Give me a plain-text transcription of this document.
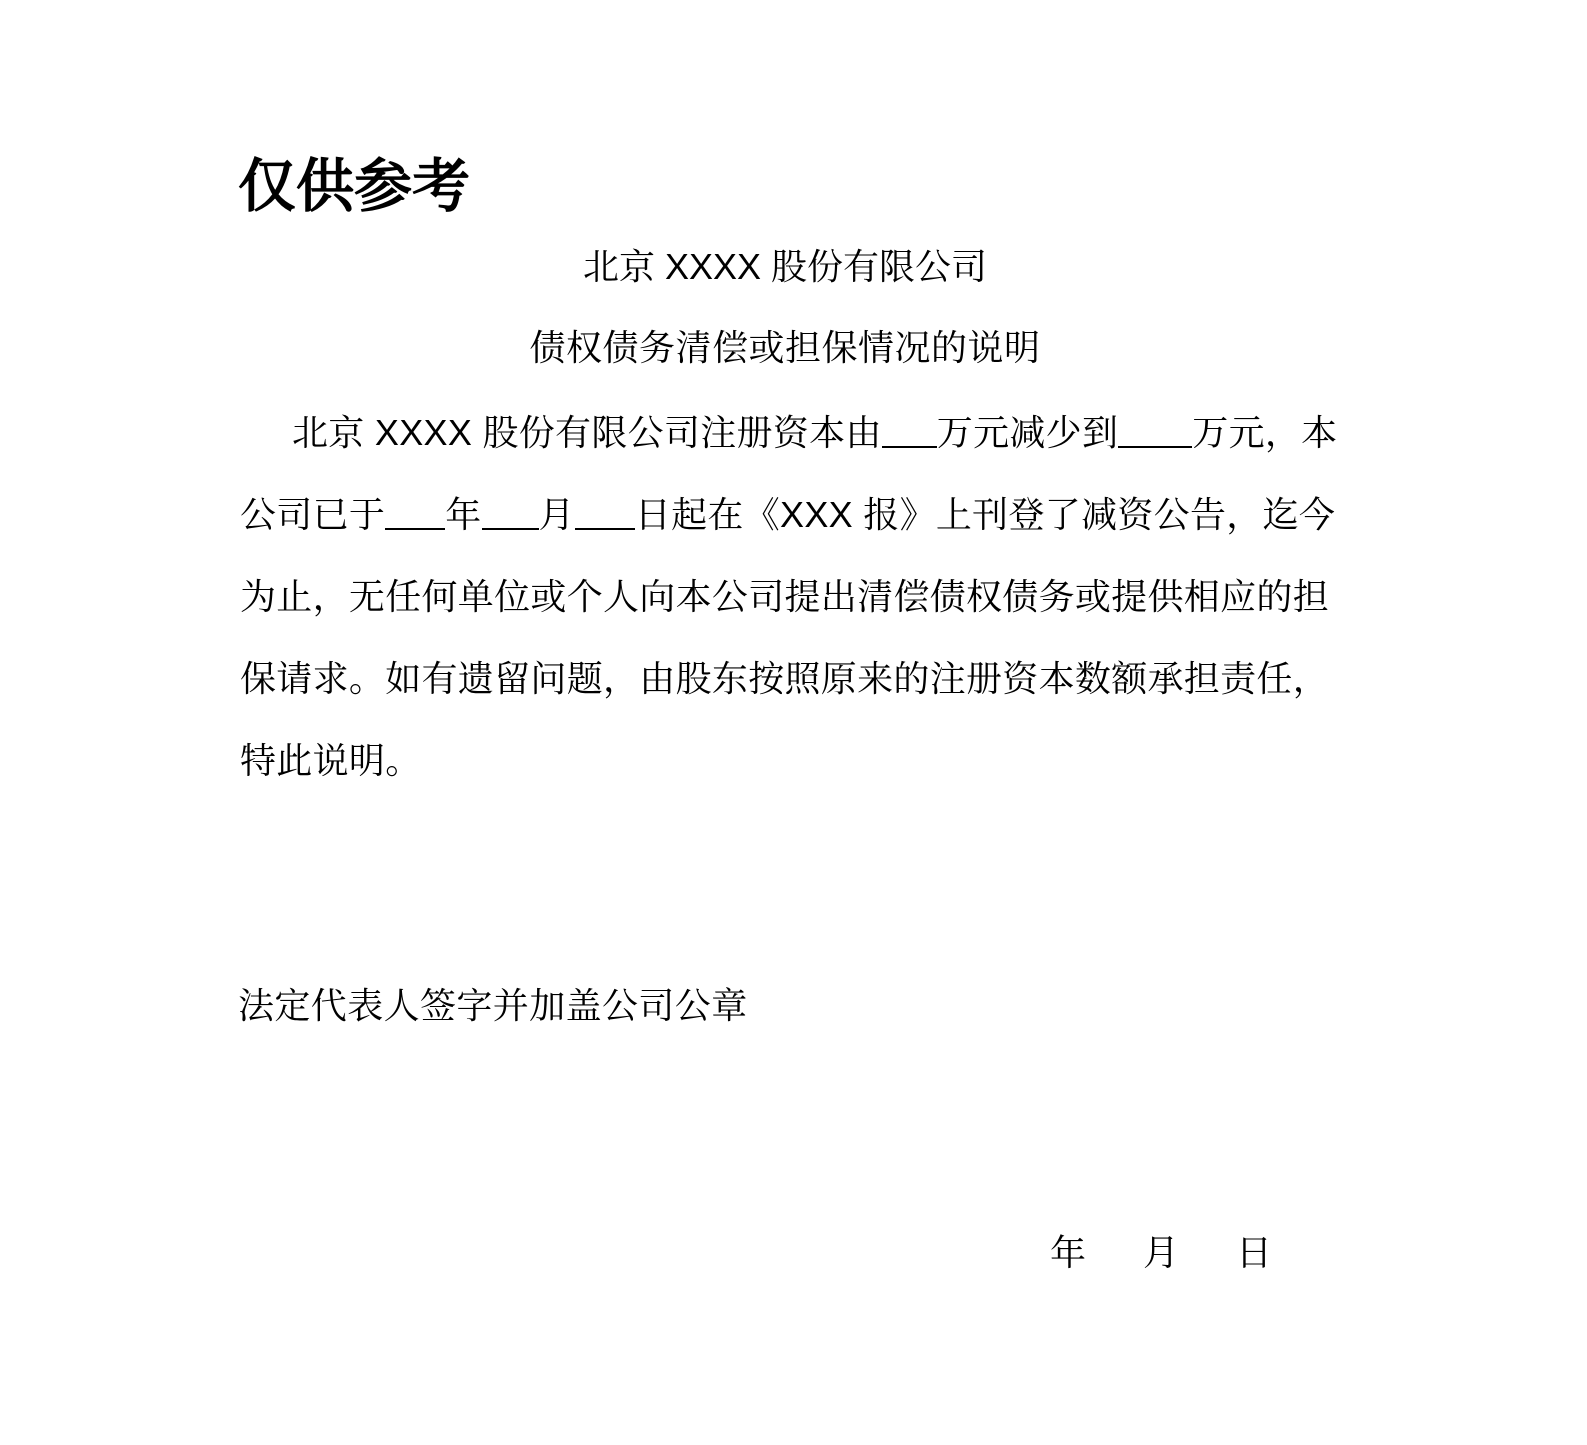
仅供参考
北京 XXXX 股份有限公司
债权债务清偿或担保情况的说明
北京 XXXX 股份有限公司注册资本由 万元减少到 万元，本
公司已于 年 月 日起在《XXX 报》上刊登了减资公告，迄今
为止，无任何单位或个人向本公司提出清偿债权债务或提供相应的担
保请求。如有遗留问题，由股东按照原来的注册资本数额承担责任，
特此说明。
法定代表人签字并加盖公司公章
年 月 日
